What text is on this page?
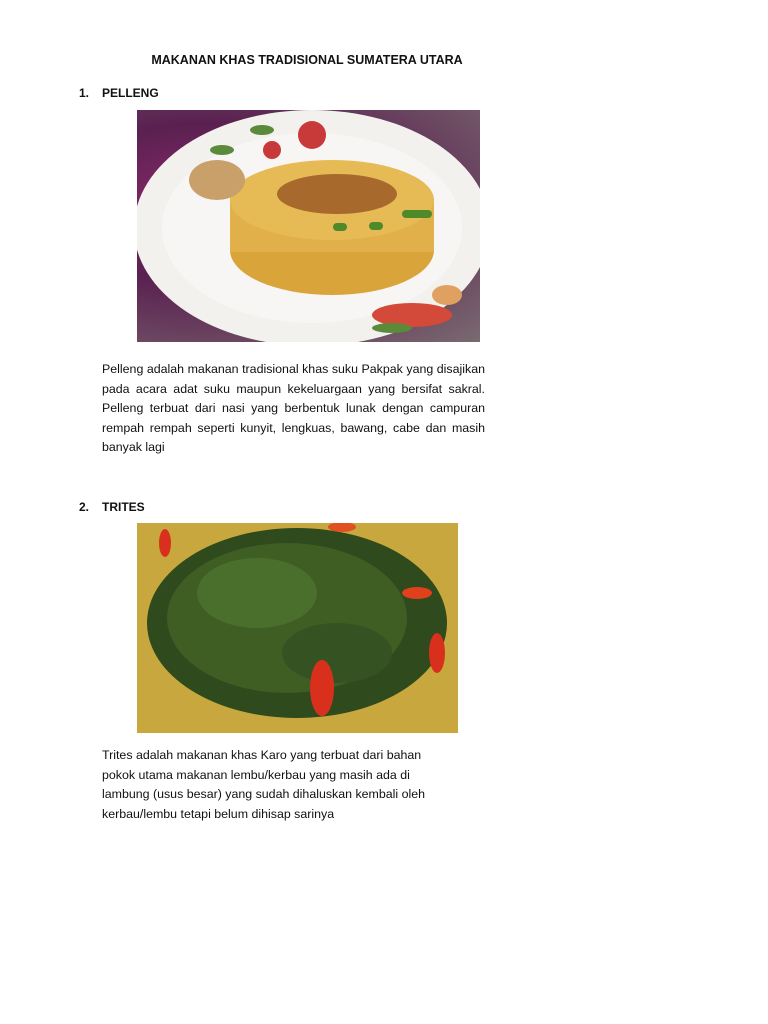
MAKANAN KHAS TRADISIONAL SUMATERA UTARA
1. PELLENG
Pelleng adalah makanan tradisional khas suku Pakpak yang disajikan pada acara adat suku maupun kekeluargaan yang bersifat sakral. Pelleng terbuat dari nasi yang berbentuk lunak dengan campuran rempah rempah seperti kunyit, lengkuas, bawang, cabe dan masih banyak lagi
2. TRITES
Trites adalah makanan khas Karo yang terbuat dari bahan pokok utama makanan lembu/kerbau yang masih ada di lambung (usus besar) yang sudah dihaluskan kembali oleh kerbau/lembu tetapi belum dihisap sarinya
